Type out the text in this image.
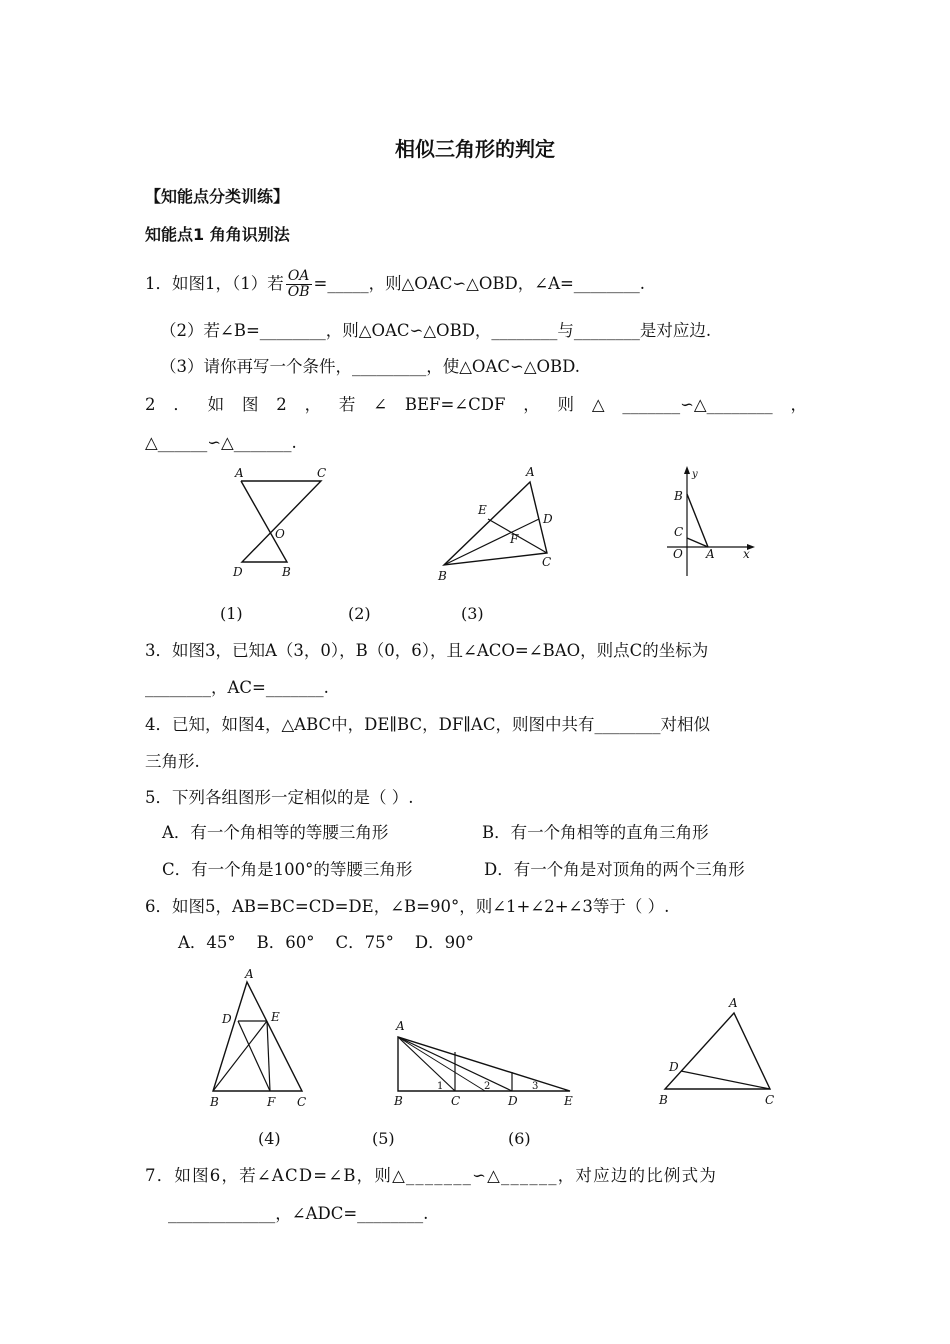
相似三角形的判定
【知能点分类训练】
知能点1 角角识别法
1．如图1，（1）若 $\frac{OA}{OB}$ =_____，则△OAC∽△OBD，∠A=________.
（2）若∠B=________，则△OAC∽△OBD，________与________是对应边.
（3）请你再写一个条件，_________，使△OAC∽△OBD.
2 ． 如 图 2 ， 若 ∠ BEF=∠CDF ， 则 △ _______∽△________ ，
△______∽△_______.
A	C
O
D	B
A
E
D
F
B
C
y
B
C
O A x
(1)	(2)	(3)
3．如图3，已知A（3，0），B（0，6），且∠ACO=∠BAO，则点C的坐标为
________，AC=_______.
4．已知，如图4，△ABC中，DE∥BC，DF∥AC，则图中共有________对相似
三角形.
5．下列各组图形一定相似的是（ ）.
A．有一个角相等的等腰三角形	B．有一个角相等的直角三角形
C．有一个角是100°的等腰三角形	D．有一个角是对顶角的两个三角形
6．如图5，AB=BC=CD=DE，∠B=90°，则∠1+∠2+∠3等于（ ）.
A．45°    B．60°    C．75°    D．90°
A
D	E
B	F C
A
B	C	D	E
1	2	3
A
D
B	C
(4)	(5)	(6)
7．如图6，若∠ACD=∠B，则△_______∽△______，对应边的比例式为
_____________，∠ADC=________.
